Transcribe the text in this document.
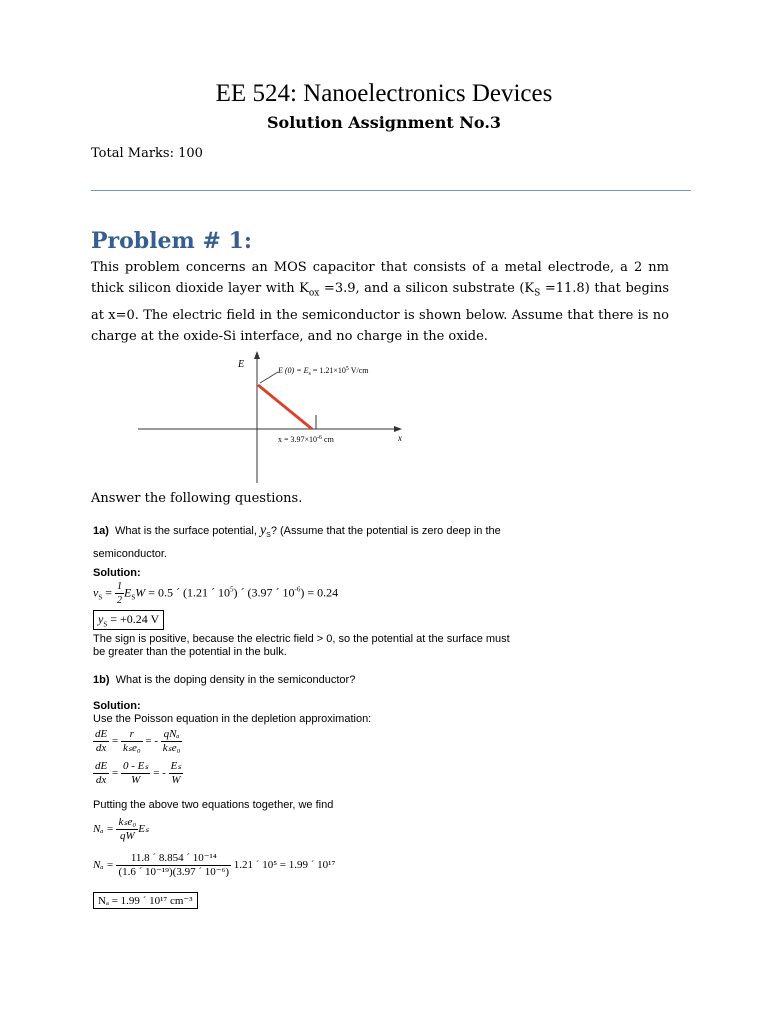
EE 524: Nanoelectronics Devices
Solution Assignment No.3
Total Marks: 100
Problem # 1:
This problem concerns an MOS capacitor that consists of a metal electrode, a 2 nm thick silicon dioxide layer with $K_{ox} =3.9$, and a silicon substrate $(K_S =11.8)$ that begins at x=0. The electric field in the semiconductor is shown below. Assume that there is no charge at the oxide-Si interface, and no charge in the oxide.
E
x
E $(0) = E_s = 1.21\times 10^5$ V/cm
$x = 3.97\times 10^{-6}$ cm
Answer the following questions.
1a) What is the surface potential, $y_S$? (Assume that the potential is zero deep in the
semiconductor.
Solution:
$v_S = \frac{1}{2} E_SW = 0.5$ ´ (1.21 ´ $10^5$) ´ (3.97 ´ $10^{-6}) = 0.24$
$y_S = +0.24$ V
The sign is positive, because the electric field > 0, so the potential at the surface must be greater than the potential in the bulk.
1b) What is the doping density in the semiconductor?
Solution:
Use the Poisson equation in the depletion approximation:
$\frac{dE}{dx} = \frac{r}{\text{kₛe₀}}$ = - $\frac{\text{qNₐ}}{\text{kₛe₀}}$
$\frac{dE}{dx} = \frac{\text{0 - Eₛ}}{W}$ = - $\frac{\text{Eₛ}}{W}$
Putting the above two equations together, we find
$N_a = \frac{\text{kₛe₀}}{qW}$ Eₛ
$N_a = \frac{\text{11.8 ´ 8.854 ´ 10⁻¹⁴}}{\text{(1.6 ´ 10⁻¹⁹)(3.97 ´ 10⁻⁶)}} 1.21$ ´ 10⁵ = 1.99 ´ 10¹⁷
Nₐ = 1.99 ´ 10¹⁷ cm⁻³
